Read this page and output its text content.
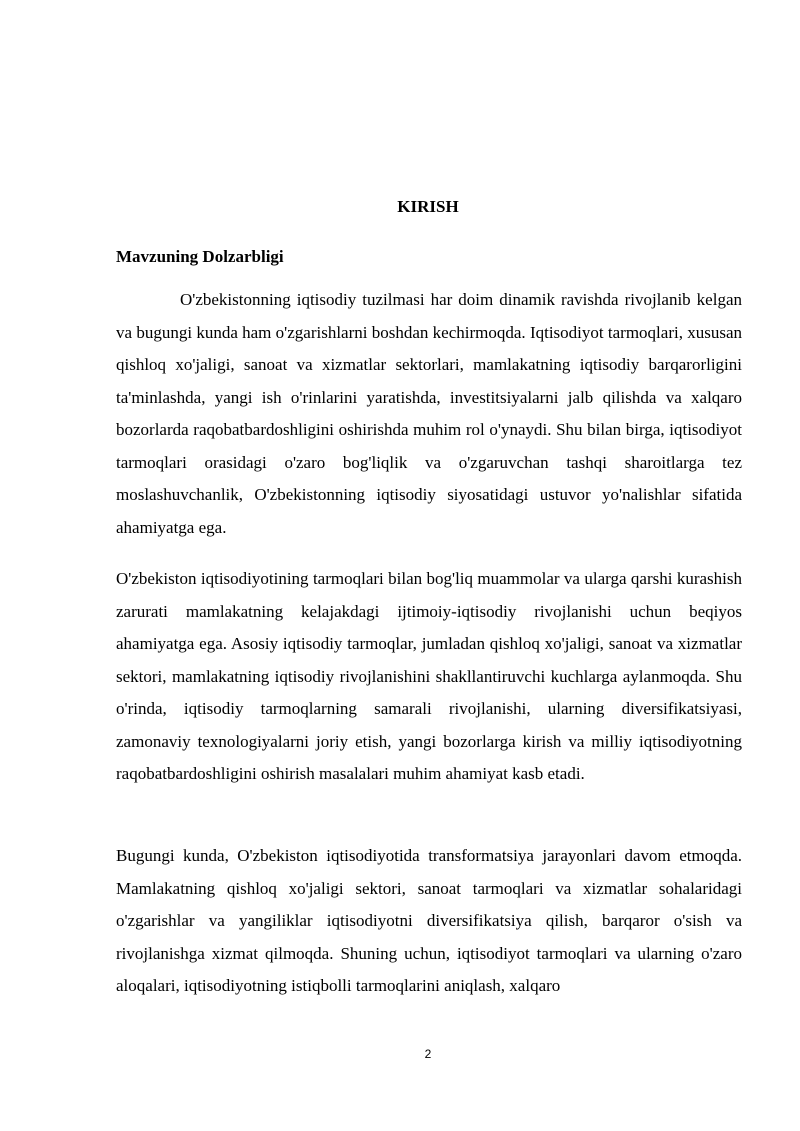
KIRISH
Mavzuning Dolzarbligi

O'zbekistonning iqtisodiy tuzilmasi har doim dinamik ravishda rivojlanib kelgan va bugungi kunda ham o'zgarishlarni boshdan kechirmoqda. Iqtisodiyot tarmoqlari, xususan qishloq xo'jaligi, sanoat va xizmatlar sektorlari, mamlakatning iqtisodiy barqarorligini ta'minlashda, yangi ish o'rinlarini yaratishda, investitsiyalarni jalb qilishda va xalqaro bozorlarda raqobatbardoshligini oshirishda muhim rol o'ynaydi. Shu bilan birga, iqtisodiyot tarmoqlari orasidagi o'zaro bog'liqlik va o'zgaruvchan tashqi sharoitlarga tez moslashuvchanlik, O'zbekistonning iqtisodiy siyosatidagi ustuvor yo'nalishlar sifatida ahamiyatga ega.

O'zbekiston iqtisodiyotining tarmoqlari bilan bog'liq muammolar va ularga qarshi kurashish zarurati mamlakatning kelajakdagi ijtimoiy-iqtisodiy rivojlanishi uchun beqiyos ahamiyatga ega. Asosiy iqtisodiy tarmoqlar, jumladan qishloq xo'jaligi, sanoat va xizmatlar sektori, mamlakatning iqtisodiy rivojlanishini shakllantiruvchi kuchlarga aylanmoqda. Shu o'rinda, iqtisodiy tarmoqlarning samarali rivojlanishi, ularning diversifikatsiyasi, zamonaviy texnologiyalarni joriy etish, yangi bozorlarga kirish va milliy iqtisodiyotning raqobatbardoshligini oshirish masalalari muhim ahamiyat kasb etadi.

Bugungi kunda, O'zbekiston iqtisodiyotida transformatsiya jarayonlari davom etmoqda. Mamlakatning qishloq xo'jaligi sektori, sanoat tarmoqlari va xizmatlar sohalaridagi o'zgarishlar va yangiliklar iqtisodiyotni diversifikatsiya qilish, barqaror o'sish va rivojlanishga xizmat qilmoqda. Shuning uchun, iqtisodiyot tarmoqlari va ularning o'zaro aloqalari, iqtisodiyotning istiqbolli tarmoqlarini aniqlash, xalqaro

2
